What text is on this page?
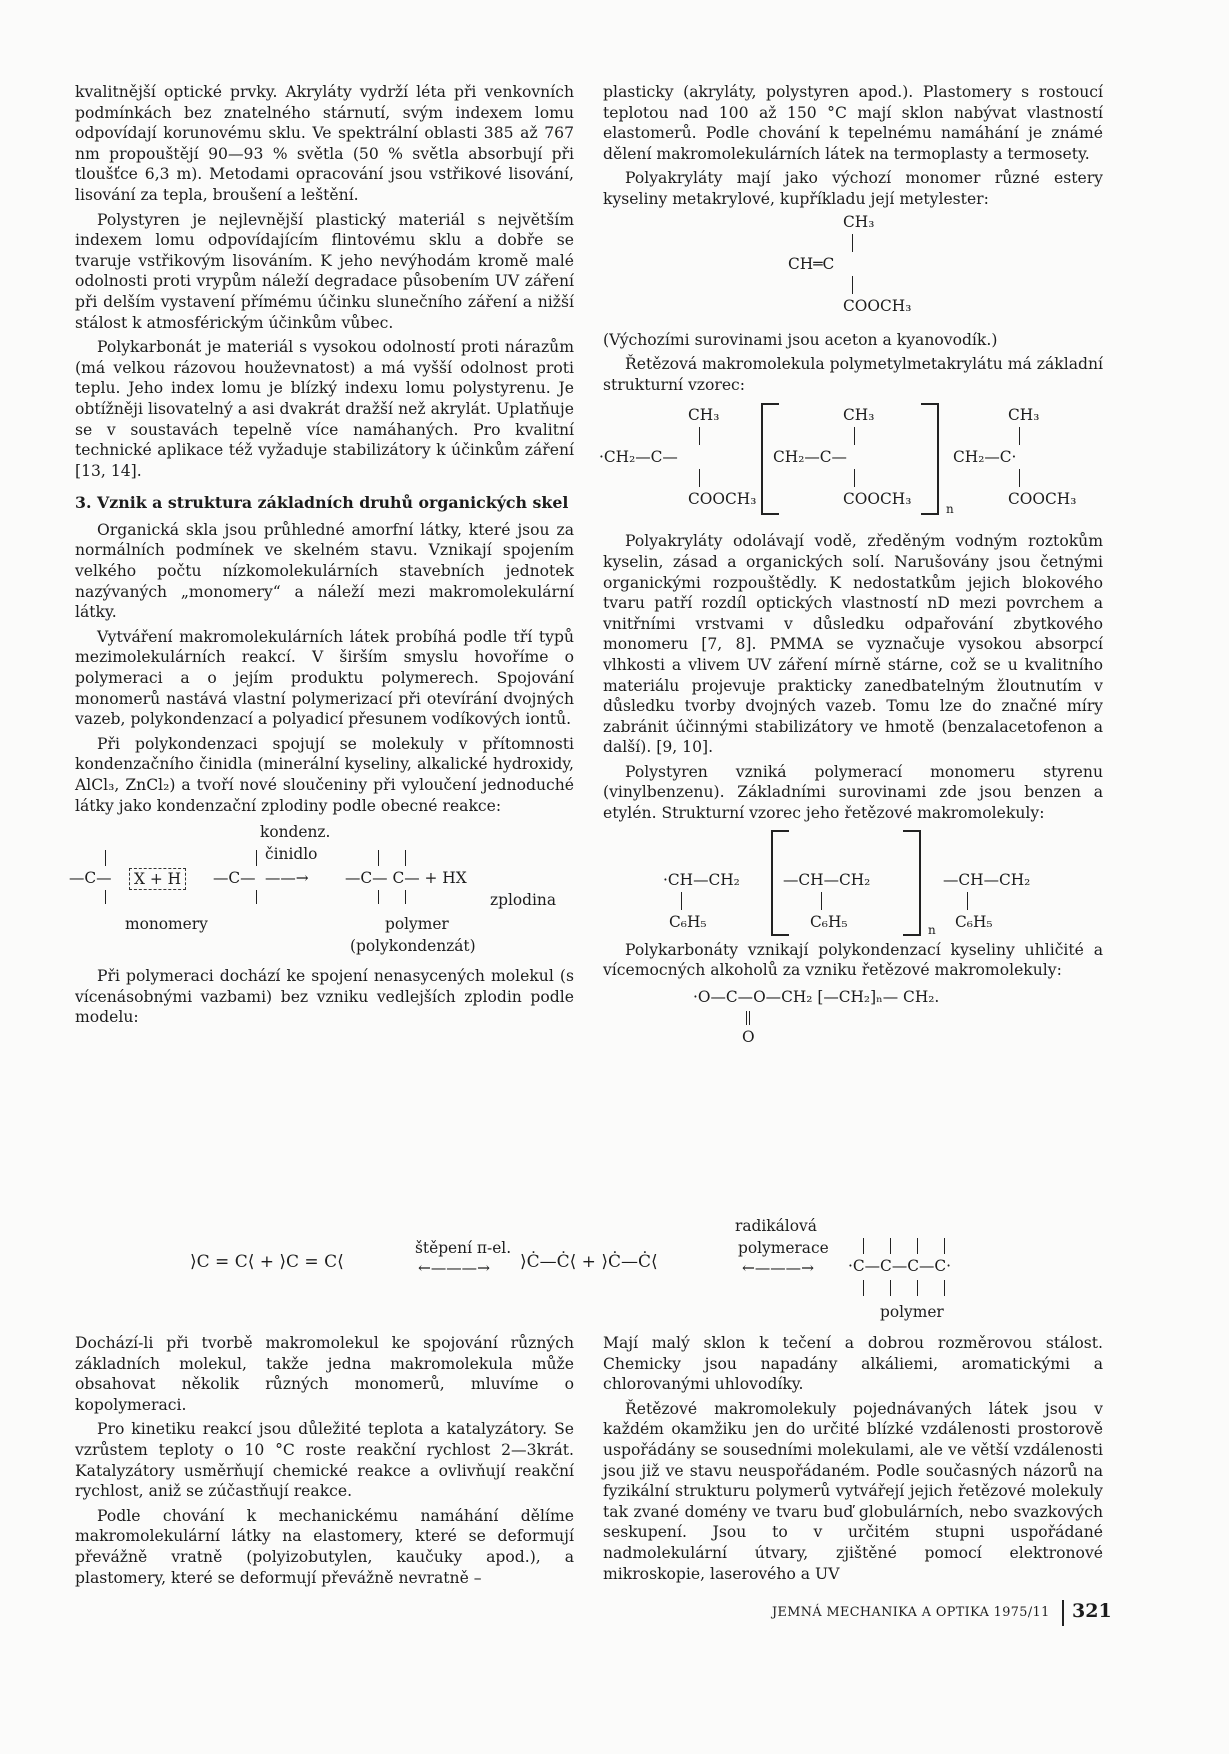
kvalitnější optické prvky. Akryláty vydrží léta při venkovních podmínkách bez znatelného stárnutí, svým indexem lomu odpovídají korunovému sklu. Ve spektrální oblasti 385 až 767 nm propouštějí 90—93 % světla (50 % světla absorbují při tloušťce 6,3 m). Metodami opracování jsou vstřikové lisování, lisování za tepla, broušení a leštění.

Polystyren je nejlevnější plastický materiál s největším indexem lomu odpovídajícím flintovému sklu a dobře se tvaruje vstřikovým lisováním. K jeho nevýhodám kromě malé odolnosti proti vrypům náleží degradace působením UV záření při delším vystavení přímému účinku slunečního záření a nižší stálost k atmosférickým účinkům vůbec.

Polykarbonát je materiál s vysokou odolností proti nárazům (má velkou rázovou houževnatost) a má vyšší odolnost proti teplu. Jeho index lomu je blízký indexu lomu polystyrenu. Je obtížněji lisovatelný a asi dvakrát dražší než akrylát. Uplatňuje se v soustavách tepelně více namáhaných. Pro kvalitní technické aplikace též vyžaduje stabilizátory k účinkům záření [13, 14].

3. Vznik a struktura základních druhů organických skel

Organická skla jsou průhledné amorfní látky, které jsou za normálních podmínek ve skelném stavu. Vznikají spojením velkého počtu nízkomolekulárních stavebních jednotek nazývaných „monomery“ a náleží mezi makromolekulární látky.

Vytváření makromolekulárních látek probíhá podle tří typů mezimolekulárních reakcí. V širším smyslu hovoříme o polymeraci a o jejím produktu polymerech. Spojování monomerů nastává vlastní polymerizací při otevírání dvojných vazeb, polykondenzací a polyadicí přesunem vodíkových iontů.

Při polykondenzaci spojují se molekuly v přítomnosti kondenzačního činidla (minerální kyseliny, alkalické hydroxidy, AlCl₃, ZnCl₂) a tvoří nové sloučeniny při vyloučení jednoduché látky jako kondenzační zplodiny podle obecné reakce:

kondenz.
činidlo
—C—	X + H	—C— ——→ —C— C— + HX
zplodina
monomery	polymer
(polykondenzát)

Při polymeraci dochází ke spojení nenasycených molekul (s vícenásobnými vazbami) bez vzniku vedlejších zplodin podle modelu:

Dochází-li při tvorbě makromolekul ke spojování různých základních molekul, takže jedna makromolekula může obsahovat několik různých monomerů, mluvíme o kopolymeraci.

Pro kinetiku reakcí jsou důležité teplota a katalyzátory. Se vzrůstem teploty o 10 °C roste reakční rychlost 2—3krát. Katalyzátory usměrňují chemické reakce a ovlivňují reakční rychlost, aniž se zúčastňují reakce.

Podle chování k mechanickému namáhání dělíme makromolekulární látky na elastomery, které se deformují převážně vratně (polyizobutylen, kaučuky apod.), a plastomery, které se deformují převážně nevratně –

plasticky (akryláty, polystyren apod.). Plastomery s rostoucí teplotou nad 100 až 150 °C mají sklon nabývat vlastností elastomerů. Podle chování k tepelnému namáhání je známé dělení makromolekulárních látek na termoplasty a termosety.

Polyakryláty mají jako výchozí monomer různé estery kyseliny metakrylové, kupříkladu její metylester:

CH₃
CH═C
COOCH₃

(Výchozími surovinami jsou aceton a kyanovodík.)

Řetězová makromolekula polymetylmetakrylátu má základní strukturní vzorec:

CH₃	CH₃	CH₃
·CH₂—C—	CH₂—C—	CH₂—C·
COOCH₃	COOCH₃	COOCH₃
n

Polyakryláty odolávají vodě, zředěným vodným roztokům kyselin, zásad a organických solí. Narušovány jsou četnými organickými rozpouštědly. K nedostatkům jejich blokového tvaru patří rozdíl optických vlastností nD mezi povrchem a vnitřními vrstvami v důsledku odpařování zbytkového monomeru [7, 8]. PMMA se vyznačuje vysokou absorpcí vlhkosti a vlivem UV záření mírně stárne, což se u kvalitního materiálu projevuje prakticky zanedbatelným žloutnutím v důsledku tvorby dvojných vazeb. Tomu lze do značné míry zabránit účinnými stabilizátory ve hmotě (benzalacetofenon a další). [9, 10].

Polystyren vzniká polymerací monomeru styrenu (vinylbenzenu). Základními surovinami zde jsou benzen a etylén. Strukturní vzorec jeho řetězové makromolekuly:

·CH—CH₂	—CH—CH₂	—CH—CH₂
C₆H₅	C₆H₅	C₆H₅
n

Polykarbonáty vznikají polykondenzací kyseliny uhličité a vícemocných alkoholů za vzniku řetězové makromolekuly:

·O—C—O—CH₂ [—CH₂]ₙ— CH₂.
O
⟩C = C⟨ + ⟩C = C⟨
štěpení π-el.
←———→ ⟩Ċ—Ċ⟨ + ⟩Ċ—Ċ⟨
radikálová
polymerace
←———→ ·C—C—C—C·
polymer

Mají malý sklon k tečení a dobrou rozměrovou stálost. Chemicky jsou napadány alkáliemi, aromatickými a chlorovanými uhlovodíky.

Řetězové makromolekuly pojednávaných látek jsou v každém okamžiku jen do určité blízké vzdálenosti prostorově uspořádány se sousedními molekulami, ale ve větší vzdálenosti jsou již ve stavu neuspořádaném. Podle současných názorů na fyzikální strukturu polymerů vytvářejí jejich řetězové molekuly tak zvané domény ve tvaru buď globulárních, nebo svazkových seskupení. Jsou to v určitém stupni uspořádané nadmolekulární útvary, zjištěné pomocí elektronové mikroskopie, laserového a UV

JEMNÁ MECHANIKA A OPTIKA 1975/11 321
